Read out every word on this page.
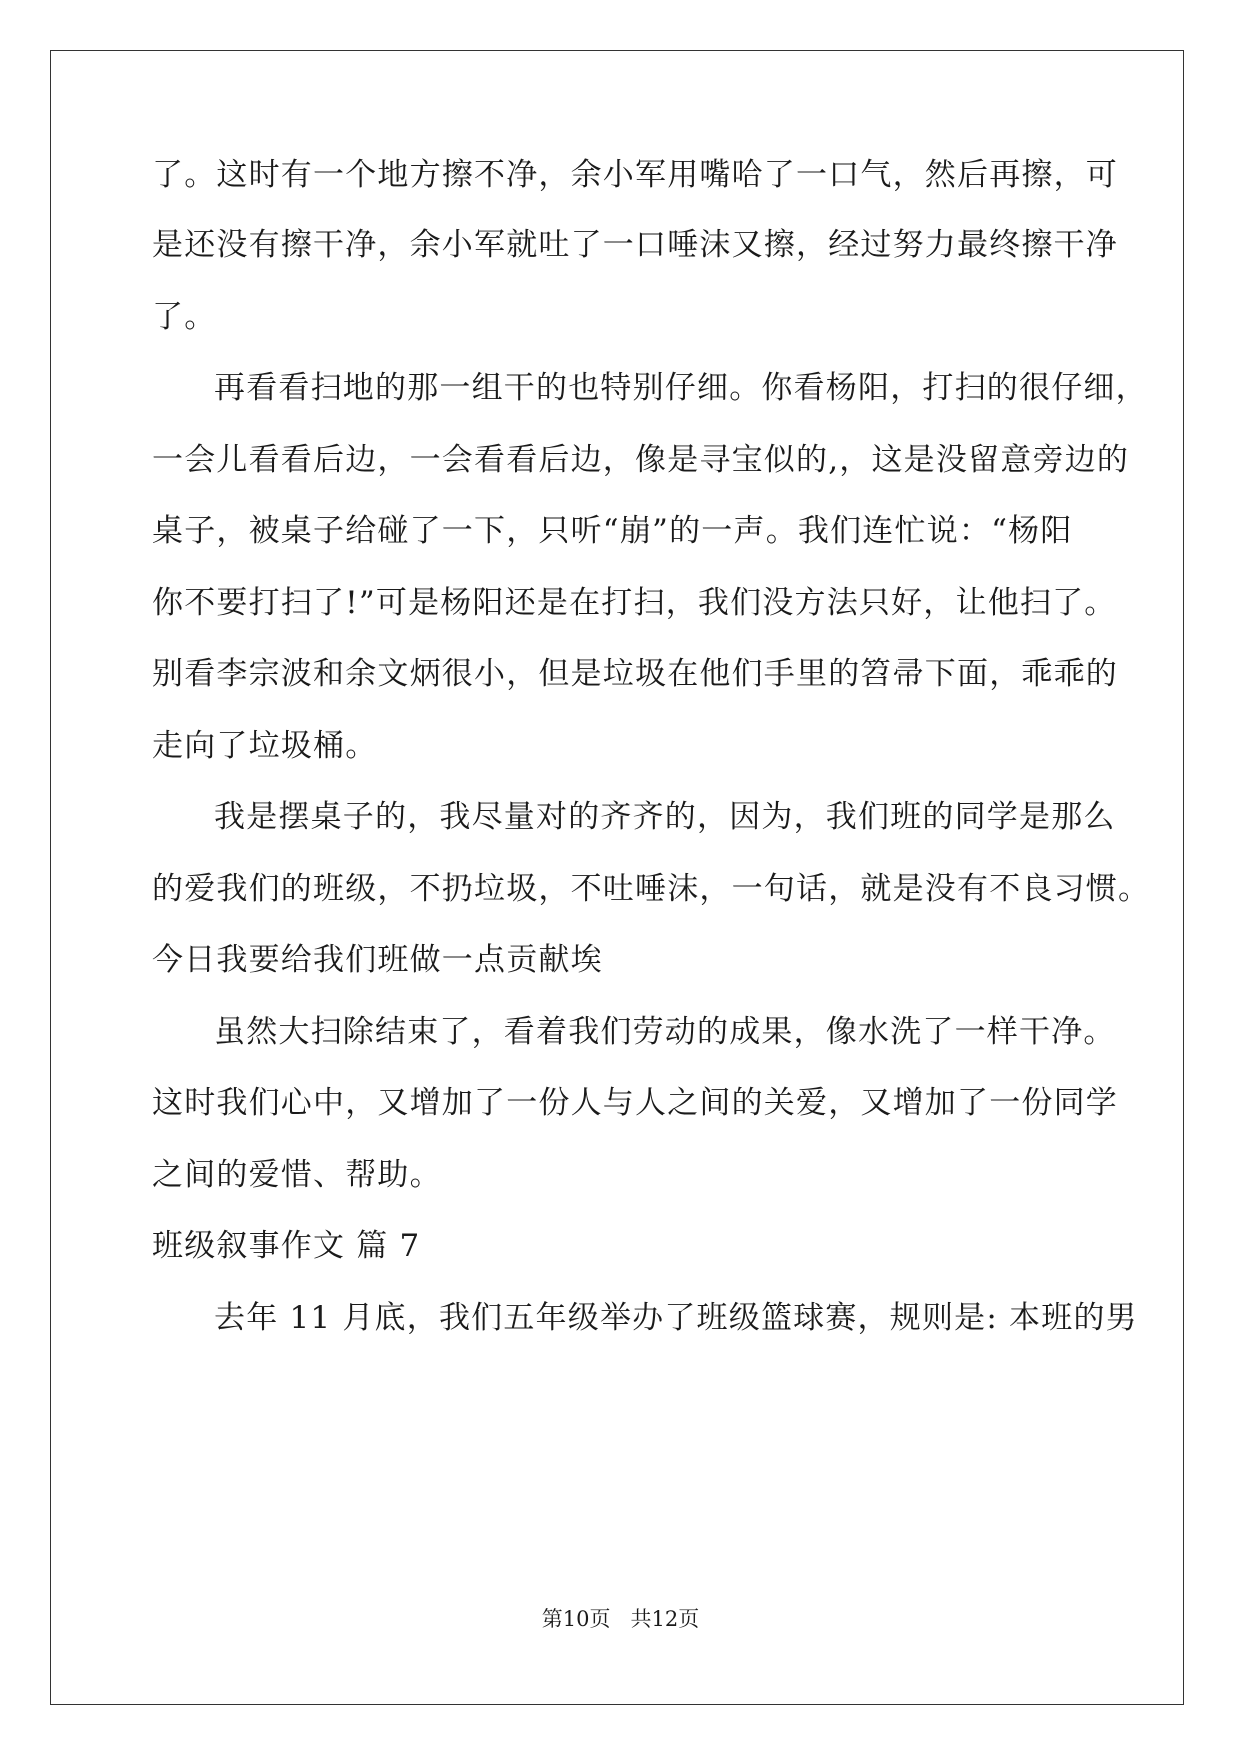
了。这时有一个地方擦不净，余小军用嘴哈了一口气，然后再擦，可
是还没有擦干净，余小军就吐了一口唾沫又擦，经过努力最终擦干净
了。
再看看扫地的那一组干的也特别仔细。你看杨阳，打扫的很仔细，
一会儿看看后边，一会看看后边，像是寻宝似的,，这是没留意旁边的
桌子，被桌子给碰了一下，只听“崩”的一声。我们连忙说：“杨阳
你不要打扫了!”可是杨阳还是在打扫，我们没方法只好，让他扫了。
别看李宗波和余文炳很小，但是垃圾在他们手里的笤帚下面，乖乖的
走向了垃圾桶。
我是摆桌子的，我尽量对的齐齐的，因为，我们班的同学是那么
的爱我们的班级，不扔垃圾，不吐唾沫，一句话，就是没有不良习惯。
今日我要给我们班做一点贡献埃
虽然大扫除结束了，看着我们劳动的成果，像水洗了一样干净。
这时我们心中，又增加了一份人与人之间的关爱，又增加了一份同学
之间的爱惜、帮助。
班级叙事作文 篇 7
去年 11 月底，我们五年级举办了班级篮球赛，规则是: 本班的男
第10页 共12页
